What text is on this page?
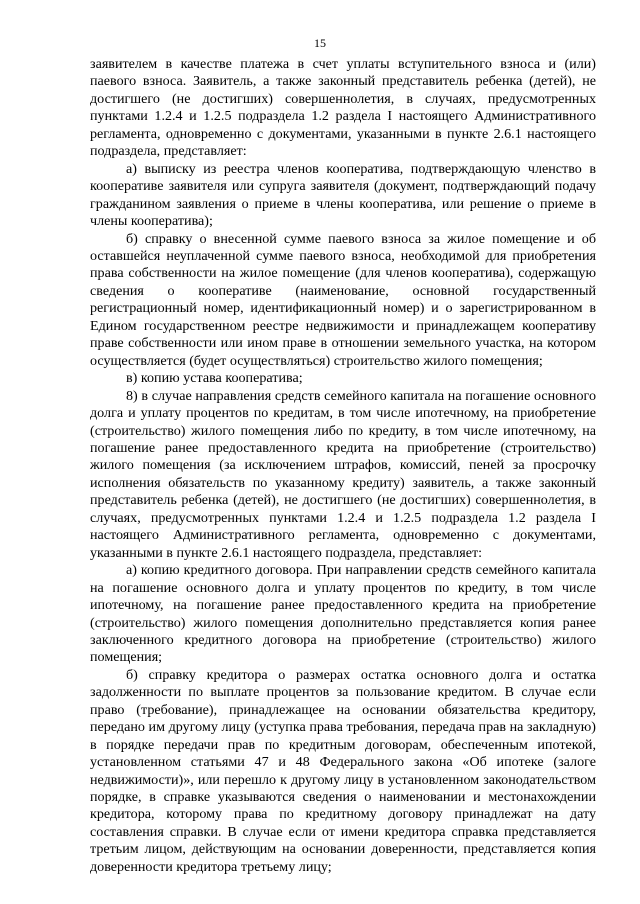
15

заявителем в качестве платежа в счет уплаты вступительного взноса и (или) паевого взноса. Заявитель, а также законный представитель ребенка (детей), не достигшего (не достигших) совершеннолетия, в случаях, предусмотренных пунктами 1.2.4 и 1.2.5 подраздела 1.2 раздела I настоящего Административного регламента, одновременно с документами, указанными в пункте 2.6.1 настоящего подраздела, представляет:

а) выписку из реестра членов кооператива, подтверждающую членство в кооперативе заявителя или супруга заявителя (документ, подтверждающий подачу гражданином заявления о приеме в члены кооператива, или решение о приеме в члены кооператива);

б) справку о внесенной сумме паевого взноса за жилое помещение и об оставшейся неуплаченной сумме паевого взноса, необходимой для приобретения права собственности на жилое помещение (для членов кооператива), содержащую сведения о кооперативе (наименование, основной государственный регистрационный номер, идентификационный номер) и о зарегистрированном в Едином государственном реестре недвижимости и принадлежащем кооперативу праве собственности или ином праве в отношении земельного участка, на котором осуществляется (будет осуществляться) строительство жилого помещения;

в) копию устава кооператива;

8) в случае направления средств семейного капитала на погашение основного долга и уплату процентов по кредитам, в том числе ипотечному, на приобретение (строительство) жилого помещения либо по кредиту, в том числе ипотечному, на погашение ранее предоставленного кредита на приобретение (строительство) жилого помещения (за исключением штрафов, комиссий, пеней за просрочку исполнения обязательств по указанному кредиту) заявитель, а также законный представитель ребенка (детей), не достигшего (не достигших) совершеннолетия, в случаях, предусмотренных пунктами 1.2.4 и 1.2.5 подраздела 1.2 раздела I настоящего Административного регламента, одновременно с документами, указанными в пункте 2.6.1 настоящего подраздела, представляет:

а) копию кредитного договора. При направлении средств семейного капитала на погашение основного долга и уплату процентов по кредиту, в том числе ипотечному, на погашение ранее предоставленного кредита на приобретение (строительство) жилого помещения дополнительно представляется копия ранее заключенного кредитного договора на приобретение (строительство) жилого помещения;

б) справку кредитора о размерах остатка основного долга и остатка задолженности по выплате процентов за пользование кредитом. В случае если право (требование), принадлежащее на основании обязательства кредитору, передано им другому лицу (уступка права требования, передача прав на закладную) в порядке передачи прав по кредитным договорам, обеспеченным ипотекой, установленном статьями 47 и 48 Федерального закона «Об ипотеке (залоге недвижимости)», или перешло к другому лицу в установленном законодательством порядке, в справке указываются сведения о наименовании и местонахождении кредитора, которому права по кредитному договору принадлежат на дату составления справки. В случае если от имени кредитора справка представляется третьим лицом, действующим на основании доверенности, представляется копия доверенности кредитора третьему лицу;
